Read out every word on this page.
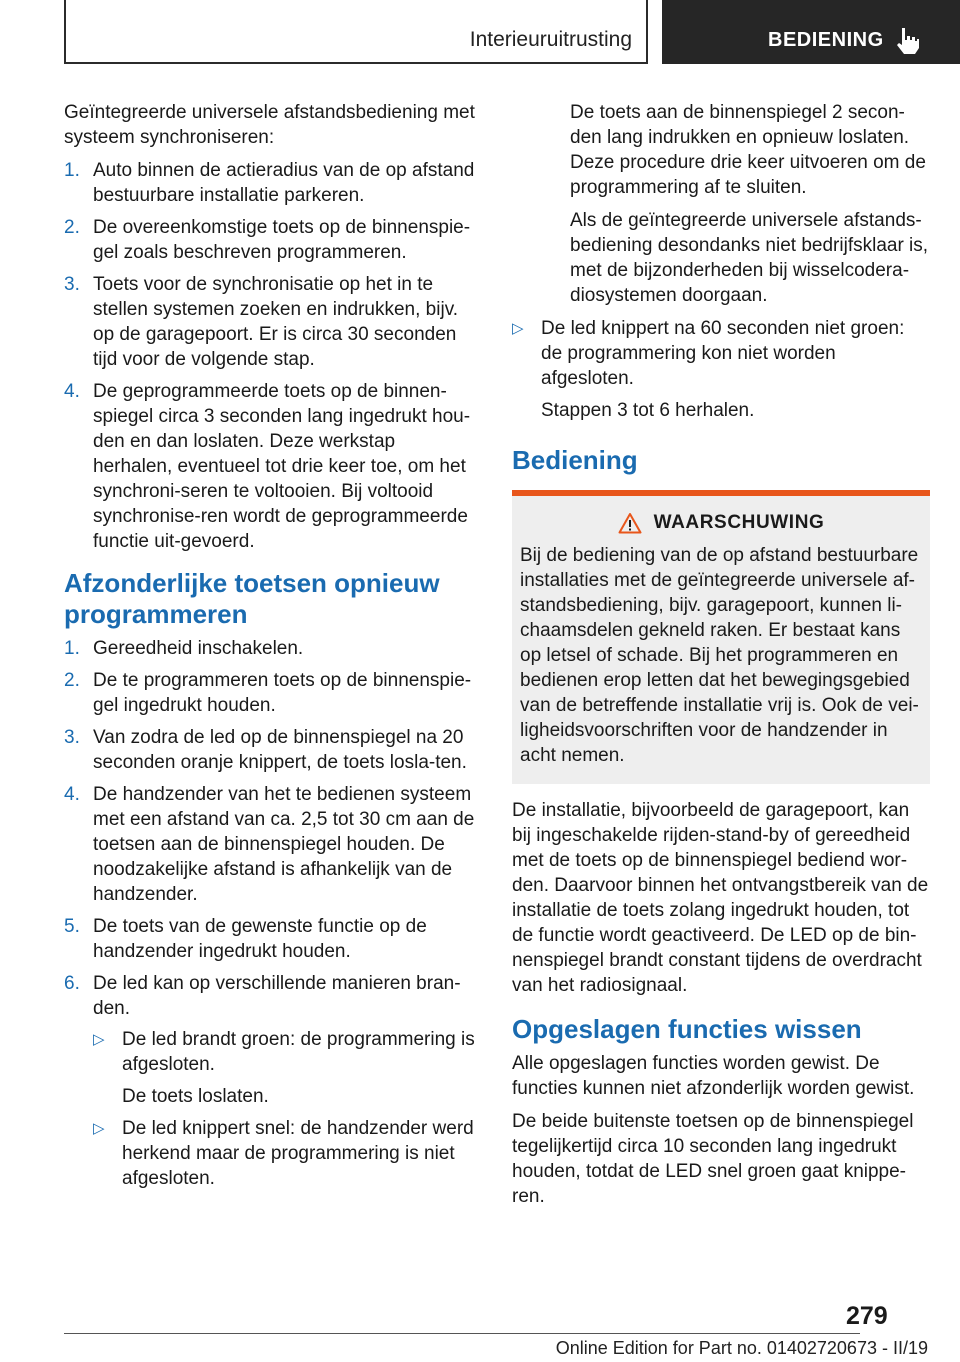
Interieuruitrusting	BEDIENING

Geïntegreerde universele afstandsbediening met systeem synchroniseren:

1. Auto binnen de actieradius van de op afstand bestuurbare installatie parkeren.
2. De overeenkomstige toets op de binnenspie-gel zoals beschreven programmeren.
3. Toets voor de synchronisatie op het in te stellen systemen zoeken en indrukken, bijv. op de garagepoort. Er is circa 30 seconden tijd voor de volgende stap.
4. De geprogrammeerde toets op de binnen-spiegel circa 3 seconden lang ingedrukt hou-den en dan loslaten. Deze werkstap herhalen, eventueel tot drie keer toe, om het synchroni-seren te voltooien. Bij voltooid synchronise-ren wordt de geprogrammeerde functie uit-gevoerd.
Afzonderlijke toetsen opnieuw programmeren
1. Gereedheid inschakelen.
2. De te programmeren toets op de binnenspie-gel ingedrukt houden.
3. Van zodra de led op de binnenspiegel na 20 seconden oranje knippert, de toets losla-ten.
4. De handzender van het te bedienen systeem met een afstand van ca. 2,5 tot 30 cm aan de toetsen aan de binnenspiegel houden. De noodzakelijke afstand is afhankelijk van de handzender.
5. De toets van de gewenste functie op de handzender ingedrukt houden.
6. De led kan op verschillende manieren bran-den.
▷ De led brandt groen: de programmering is afgesloten.
De toets loslaten.
▷ De led knippert snel: de handzender werd herkend maar de programmering is niet afgesloten.

De toets aan de binnenspiegel 2 secon-den lang indrukken en opnieuw loslaten. Deze procedure drie keer uitvoeren om de programmering af te sluiten.

Als de geïntegreerde universele afstands-bediening desondanks niet bedrijfsklaar is, met de bijzonderheden bij wisselcodera-diosystemen doorgaan.

▷ De led knippert na 60 seconden niet groen: de programmering kon niet worden afgesloten.
Stappen 3 tot 6 herhalen.
Bediening
WAARSCHUWING
Bij de bediening van de op afstand bestuurbare installaties met de geïntegreerde universele af-standsbediening, bijv. garagepoort, kunnen li-chaamsdelen gekneld raken. Er bestaat kans op letsel of schade. Bij het programmeren en bedienen erop letten dat het bewegingsgebied van de betreffende installatie vrij is. Ook de vei-ligheidsvoorschriften voor de handzender in acht nemen.

De installatie, bijvoorbeeld de garagepoort, kan bij ingeschakelde rijden-stand-by of gereedheid met de toets op de binnenspiegel bediend wor-den. Daarvoor binnen het ontvangstbereik van de installatie de toets zolang ingedrukt houden, tot de functie wordt geactiveerd. De LED op de bin-nenspiegel brandt constant tijdens de overdracht van het radiosignaal.

Opgeslagen functies wissen

Alle opgeslagen functies worden gewist. De functies kunnen niet afzonderlijk worden gewist.

De beide buitenste toetsen op de binnenspiegel tegelijkertijd circa 10 seconden lang ingedrukt houden, totdat de LED snel groen gaat knippe-ren.

279
Online Edition for Part no. 01402720673 - II/19
